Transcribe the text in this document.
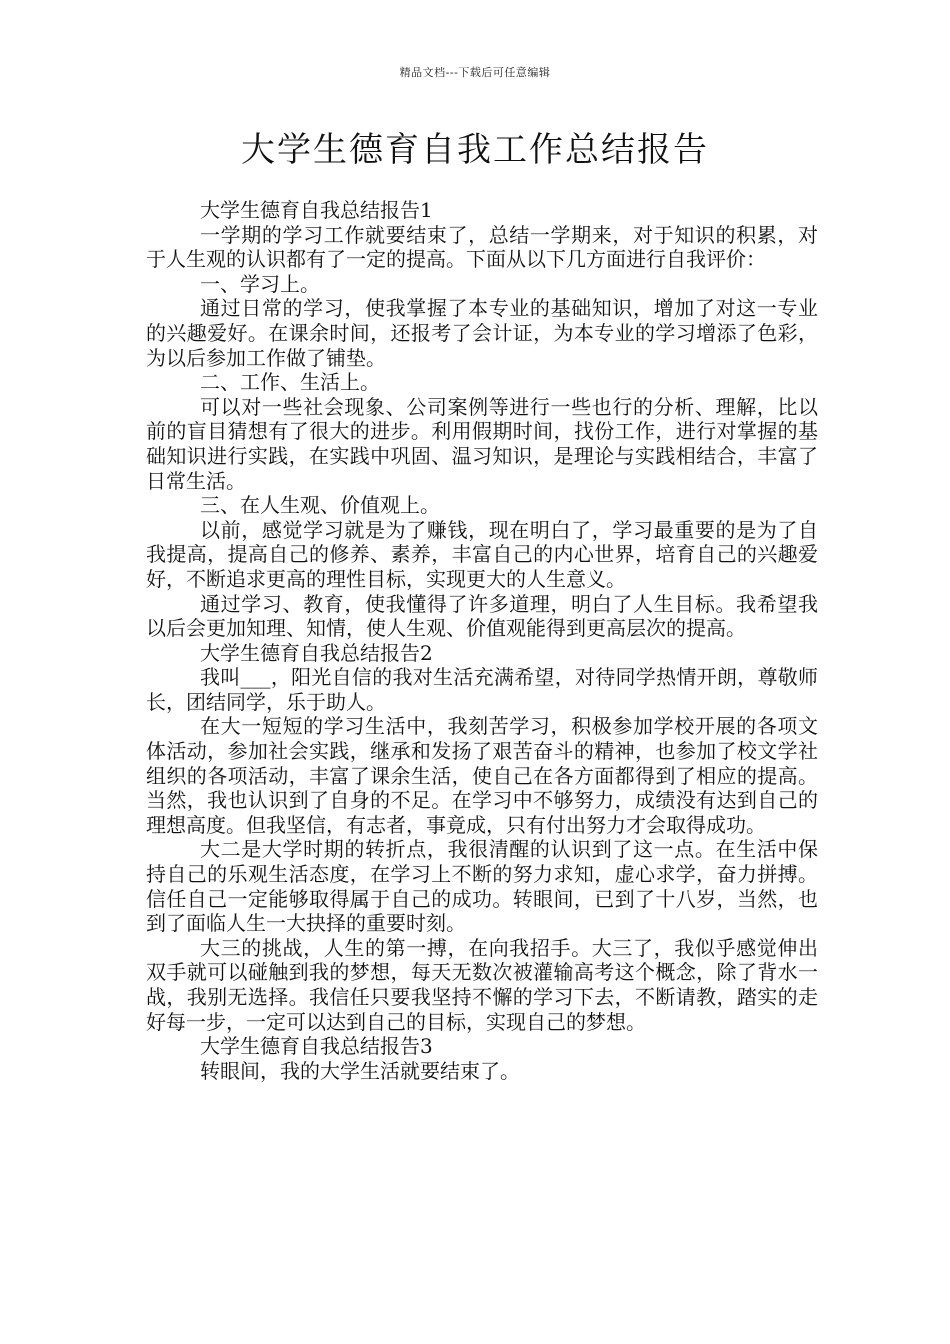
精品文档---下载后可任意编辑
大学生德育自我工作总结报告

大学生德育自我总结报告1

一学期的学习工作就要结束了，总结一学期来，对于知识的积累，对于人生观的认识都有了一定的提高。下面从以下几方面进行自我评价：

一、学习上。

通过日常的学习，使我掌握了本专业的基础知识，增加了对这一专业的兴趣爱好。在课余时间，还报考了会计证，为本专业的学习增添了色彩，为以后参加工作做了铺垫。

二、工作、生活上。

可以对一些社会现象、公司案例等进行一些也行的分析、理解，比以前的盲目猜想有了很大的进步。利用假期时间，找份工作，进行对掌握的基础知识进行实践，在实践中巩固、温习知识，是理论与实践相结合，丰富了日常生活。

三、在人生观、价值观上。

以前，感觉学习就是为了赚钱，现在明白了，学习最重要的是为了自我提高，提高自己的修养、素养，丰富自己的内心世界，培育自己的兴趣爱好，不断追求更高的理性目标，实现更大的人生意义。

通过学习、教育，使我懂得了许多道理，明白了人生目标。我希望我以后会更加知理、知情，使人生观、价值观能得到更高层次的提高。

大学生德育自我总结报告2

我叫___，阳光自信的我对生活充满希望，对待同学热情开朗，尊敬师长，团结同学，乐于助人。

在大一短短的学习生活中，我刻苦学习，积极参加学校开展的各项文体活动，参加社会实践，继承和发扬了艰苦奋斗的精神，也参加了校文学社组织的各项活动，丰富了课余生活，使自己在各方面都得到了相应的提高。当然，我也认识到了自身的不足。在学习中不够努力，成绩没有达到自己的理想高度。但我坚信，有志者，事竟成，只有付出努力才会取得成功。

大二是大学时期的转折点，我很清醒的认识到了这一点。在生活中保持自己的乐观生活态度，在学习上不断的努力求知，虚心求学，奋力拼搏。信任自己一定能够取得属于自己的成功。转眼间，已到了十八岁，当然，也到了面临人生一大抉择的重要时刻。

大三的挑战，人生的第一搏，在向我招手。大三了，我似乎感觉伸出双手就可以碰触到我的梦想，每天无数次被灌输高考这个概念，除了背水一战，我别无选择。我信任只要我坚持不懈的学习下去，不断请教，踏实的走好每一步，一定可以达到自己的目标，实现自己的梦想。

大学生德育自我总结报告3

转眼间，我的大学生活就要结束了。
